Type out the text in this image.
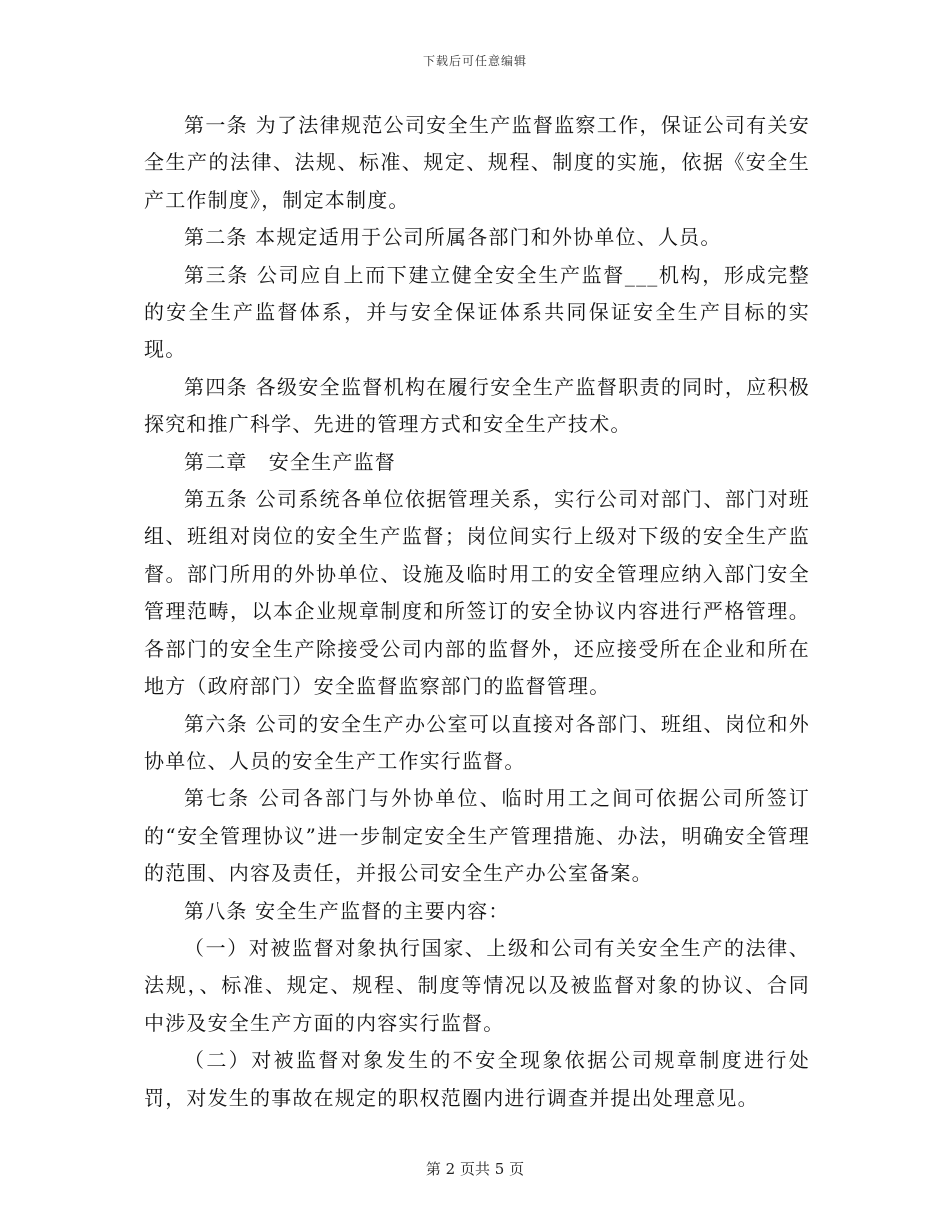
下载后可任意编辑

第一条 为了法律规范公司安全生产监督监察工作，保证公司有关安全生产的法律、法规、标准、规定、规程、制度的实施，依据《安全生产工作制度》，制定本制度。

第二条 本规定适用于公司所属各部门和外协单位、人员。

第三条 公司应自上而下建立健全安全生产监督___机构，形成完整的安全生产监督体系，并与安全保证体系共同保证安全生产目标的实现。

第四条 各级安全监督机构在履行安全生产监督职责的同时，应积极探究和推广科学、先进的管理方式和安全生产技术。

第二章　安全生产监督

第五条 公司系统各单位依据管理关系，实行公司对部门、部门对班组、班组对岗位的安全生产监督；岗位间实行上级对下级的安全生产监督。部门所用的外协单位、设施及临时用工的安全管理应纳入部门安全管理范畴，以本企业规章制度和所签订的安全协议内容进行严格管理。各部门的安全生产除接受公司内部的监督外，还应接受所在企业和所在地方（政府部门）安全监督监察部门的监督管理。

第六条 公司的安全生产办公室可以直接对各部门、班组、岗位和外协单位、人员的安全生产工作实行监督。

第七条 公司各部门与外协单位、临时用工之间可依据公司所签订的“安全管理协议”进一步制定安全生产管理措施、办法，明确安全管理的范围、内容及责任，并报公司安全生产办公室备案。

第八条 安全生产监督的主要内容：

（一）对被监督对象执行国家、上级和公司有关安全生产的法律、法规，、标准、规定、规程、制度等情况以及被监督对象的协议、合同中涉及安全生产方面的内容实行监督。

（二）对被监督对象发生的不安全现象依据公司规章制度进行处罚，对发生的事故在规定的职权范圈内进行调查并提出处理意见。

第 2 页共 5 页
